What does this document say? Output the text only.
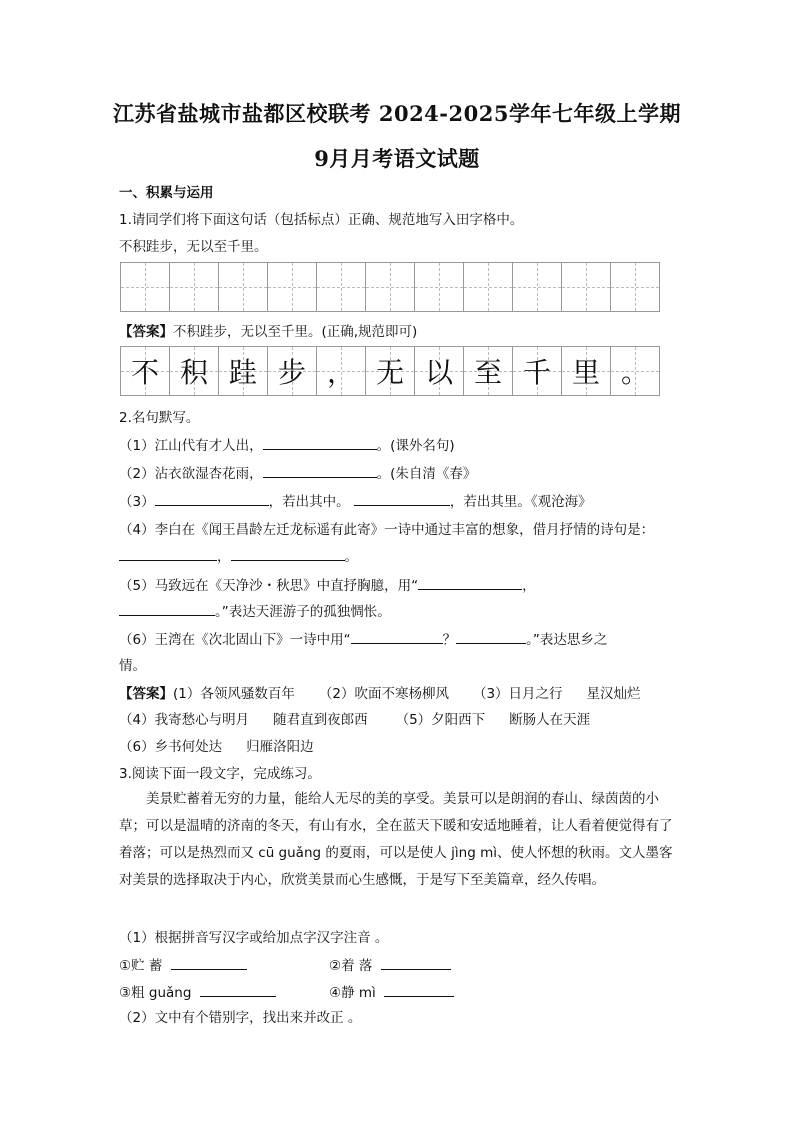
江苏省盐城市盐都区校联考 2024-2025学年七年级上学期
9月月考语文试题
一、积累与运用
1.请同学们将下面这句话（包括标点）正确、规范地写入田字格中。
不积跬步，无以至千里。
【答案】不积跬步，无以至千里。(正确,规范即可)
不 积 跬 步 ， 无 以 至 千 里 。
2.名句默写。
（1）江山代有才人出，	。(课外名句)
（2）沾衣欲湿杏花雨，	。(朱自清《春》
（3）	，若出其中。	，若出其里。《观沧海》
（4）李白在《闻王昌龄左迁龙标遥有此寄》一诗中通过丰富的想象，借月抒情的诗句是：
，	。
（5）马致远在《天净沙・秋思》中直抒胸臆，用“	，
。”表达天涯游子的孤独惆怅。
（6）王湾在《次北固山下》一诗中用“	？	。”表达思乡之
情。
【答案】(1）各领风骚数百年 （2）吹面不寒杨柳风 （3）日月之行 星汉灿烂
（4）我寄愁心与明月 随君直到夜郎西 （5）夕阳西下 断肠人在天涯
（6）乡书何处达 归雁洛阳边
3.阅读下面一段文字，完成练习。
美景贮蓄着无穷的力量，能给人无尽的美的享受。美景可以是朗润的春山、绿茵茵的小草；可以是温晴的济南的冬天，有山有水，全在蓝天下暖和安适地睡着，让人看着便觉得有了着落；可以是热烈而又 cū guǎng 的夏雨，可以是使人 jìng mì、使人怀想的秋雨。文人墨客对美景的选择取决于内心，欣赏美景而心生感慨，于是写下至美篇章，经久传唱。
（1）根据拼音写汉字或给加点字汉字注音 。
①贮 蓄	②着 落
③粗 guǎng	④静 mì
（2）文中有个错别字，找出来并改正 。
